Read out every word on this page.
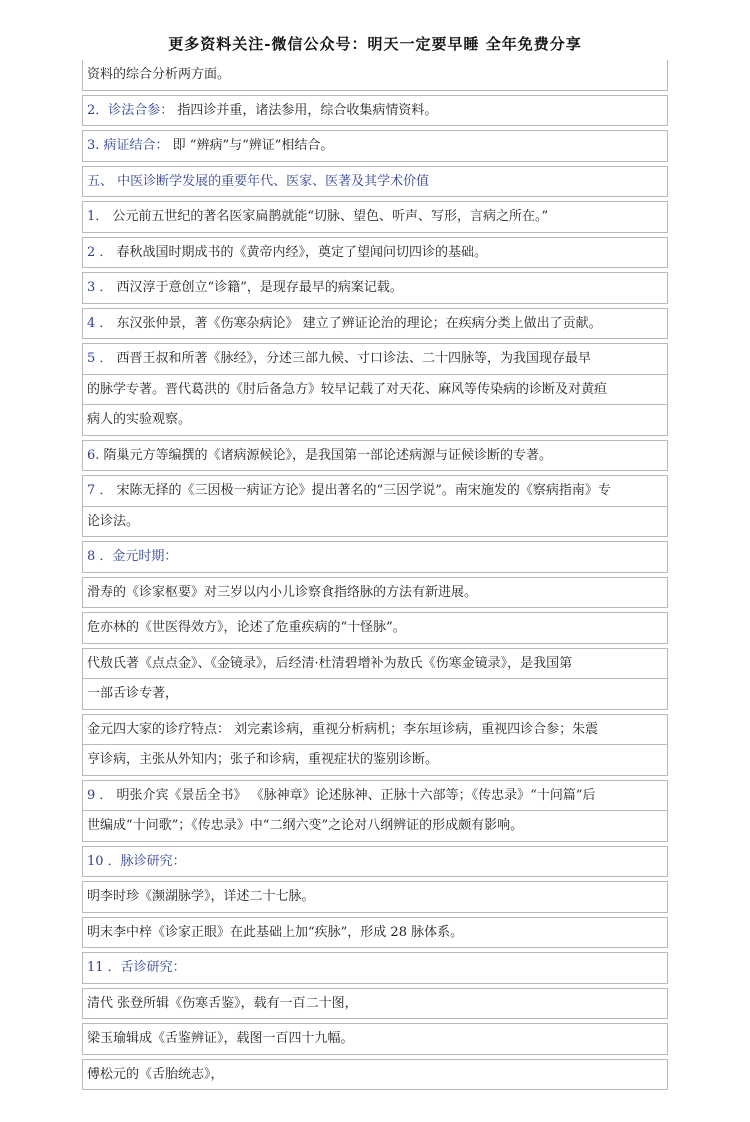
更多资料关注-微信公众号：明天一定要早睡 全年免费分享
资料的综合分析两方面。
2．诊法合参： 指四诊并重，诸法参用，综合收集病情资料。
3. 病证结合： 即 “辨病”与“辨证”相结合。
五、 中医诊断学发展的重要年代、医家、医著及其学术价值
1． 公元前五世纪的著名医家扁鹊就能“切脉、望色、听声、写形，言病之所在。”
2 ． 春秋战国时期成书的《黄帝内经》，奠定了望闻问切四诊的基础。
3 ． 西汉淳于意创立“诊籍”，是现存最早的病案记载。
4 ． 东汉张仲景，著《伤寒杂病论》 建立了辨证论治的理论；在疾病分类上做出了贡献。
5 ． 西晋王叔和所著《脉经》，分述三部九候、寸口诊法、二十四脉等，为我国现存最早
的脉学专著。晋代葛洪的《肘后备急方》较早记载了对天花、麻风等传染病的诊断及对黄疸
病人的实验观察。
6. 隋巢元方等编撰的《诸病源候论》，是我国第一部论述病源与证候诊断的专著。
7 ． 宋陈无择的《三因极一病证方论》提出著名的“三因学说”。南宋施发的《察病指南》专
论诊法。
8 ．金元时期：
滑寿的《诊家枢要》对三岁以内小儿诊察食指络脉的方法有新进展。
危亦林的《世医得效方》，论述了危重疾病的“十怪脉”。
代敖氏著《点点金》、《金镜录》，后经清·杜清碧增补为敖氏《伤寒金镜录》，是我国第
一部舌诊专著，
金元四大家的诊疗特点： 刘完素诊病，重视分析病机；李东垣诊病，重视四诊合参；朱震
亨诊病，主张从外知内；张子和诊病，重视症状的鉴别诊断。
9 ． 明张介宾《景岳全书》 《脉神章》论述脉神、正脉十六部等；《传忠录》“十问篇”后
世编成“十问歌”；《传忠录》中“二纲六变”之论对八纲辨证的形成颇有影响。
10 ．脉诊研究：
明李时珍《濒湖脉学》，详述二十七脉。
明末李中梓《诊家正眼》在此基础上加“疾脉”，形成 28 脉体系。
11 ．舌诊研究：
清代 张登所辑《伤寒舌鉴》，载有一百二十图，
梁玉瑜辑成《舌鉴辨证》，载图一百四十九幅。
傅松元的《舌胎统志》，
